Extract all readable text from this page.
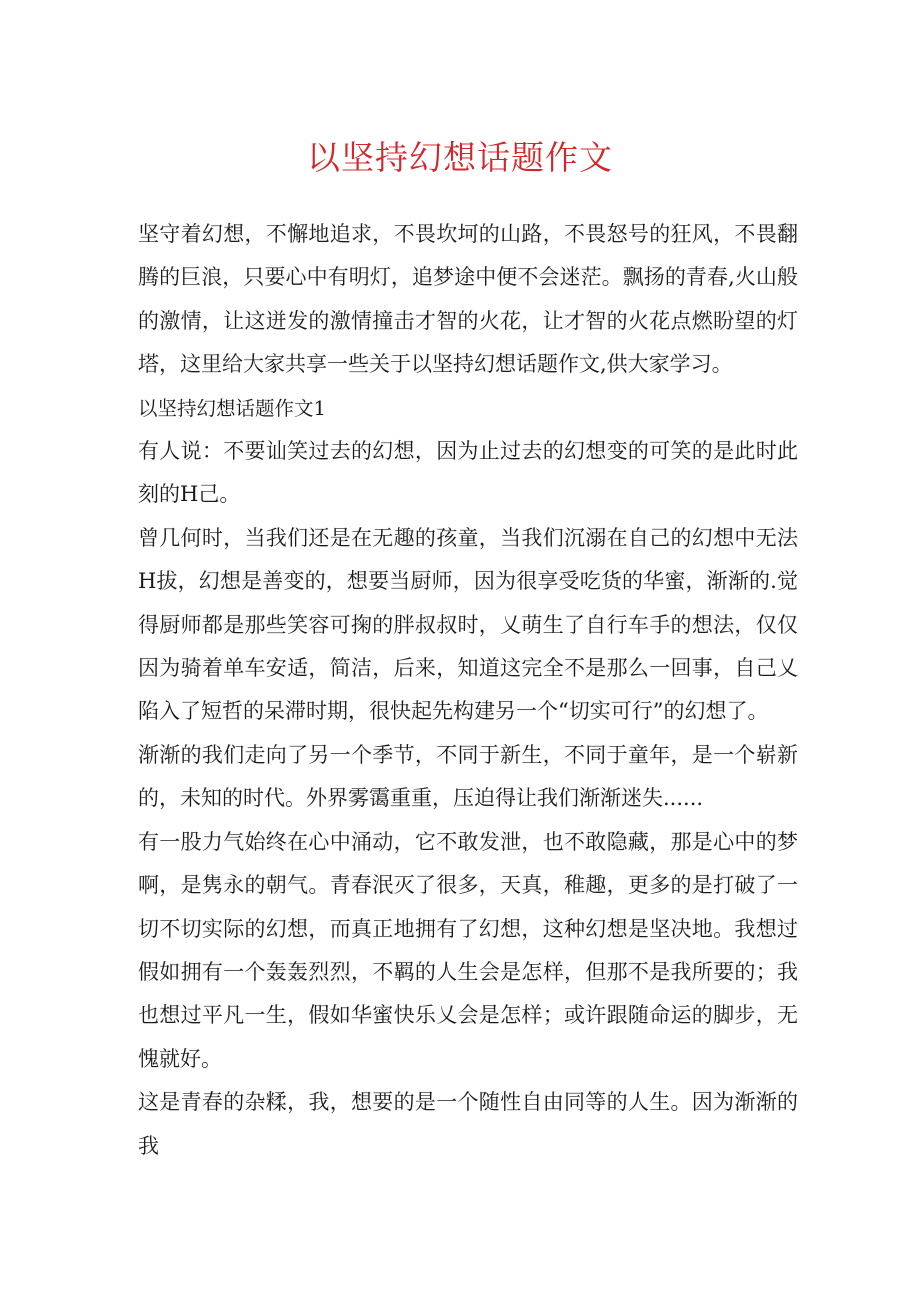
以坚持幻想话题作文

坚守着幻想，不懈地追求，不畏坎坷的山路，不畏怒号的狂风，不畏翻腾的巨浪，只要心中有明灯，追梦途中便不会迷茫。飘扬的青春,火山般的激情，让这迸发的激情撞击才智的火花，让才智的火花点燃盼望的灯塔，这里给大家共享一些关于以坚持幻想话题作文,供大家学习。

以坚持幻想话题作文1

有人说：不要讪笑过去的幻想，因为止过去的幻想变的可笑的是此时此刻的H己。

曾几何时，当我们还是在无趣的孩童，当我们沉溺在自己的幻想中无法H拔，幻想是善变的，想要当厨师，因为很享受吃货的华蜜，渐渐的.觉得厨师都是那些笑容可掬的胖叔叔时，乂萌生了自行车手的想法，仅仅因为骑着单车安适，简洁，后来，知道这完全不是那么一回事，自己乂陷入了短哲的呆滞时期，很快起先构建另一个“切实可行”的幻想了。

渐渐的我们走向了另一个季节，不同于新生，不同于童年，是一个崭新的，未知的时代。外界雾霭重重，压迫得让我们渐渐迷失......

有一股力气始终在心中涌动，它不敢发泄，也不敢隐藏，那是心中的梦啊，是隽永的朝气。青春泯灭了很多，天真，稚趣，更多的是打破了一切不切实际的幻想，而真正地拥有了幻想，这种幻想是坚决地。我想过假如拥有一个轰轰烈烈，不羁的人生会是怎样，但那不是我所要的；我也想过平凡一生，假如华蜜快乐乂会是怎样；或许跟随命运的脚步，无愧就好。

这是青春的杂糅，我，想要的是一个随性自由同等的人生。因为渐渐的我
